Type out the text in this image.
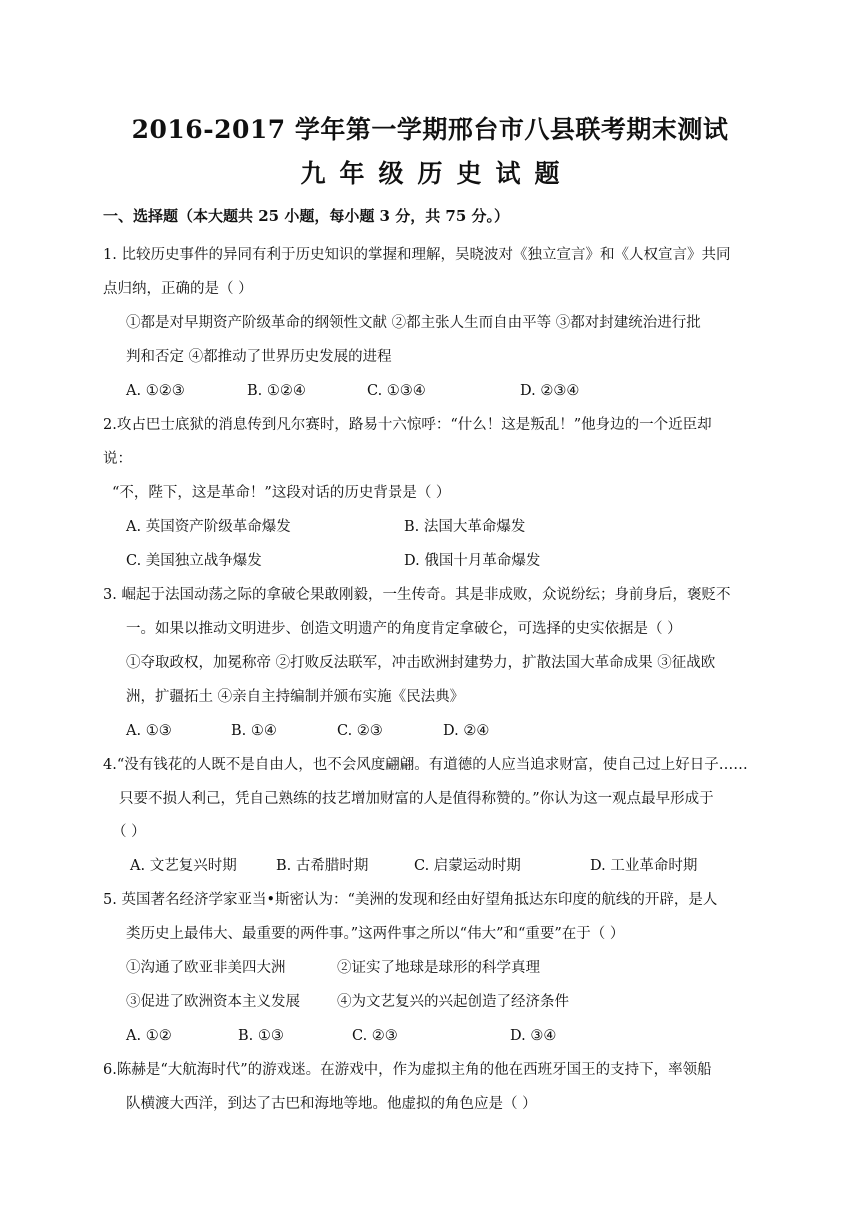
2016-2017 学年第一学期邢台市八县联考期末测试
九年级历史试题
一、选择题（本大题共 25 小题，每小题 3 分，共 75 分。）
1. 比较历史事件的异同有利于历史知识的掌握和理解，吴晓波对《独立宣言》和《人权宣言》共同
点归纳，正确的是（ ）
①都是对早期资产阶级革命的纲领性文献 ②都主张人生而自由平等 ③都对封建统治进行批
判和否定 ④都推动了世界历史发展的进程
A. ①②③	B. ①②④	C. ①③④	D. ②③④
2.攻占巴士底狱的消息传到凡尔赛时，路易十六惊呼：“什么！这是叛乱！”他身边的一个近臣却
说：
“不，陛下，这是革命！”这段对话的历史背景是（ ）
A. 英国资产阶级革命爆发	B. 法国大革命爆发
C. 美国独立战争爆发	D. 俄国十月革命爆发
3. 崛起于法国动荡之际的拿破仑果敢刚毅，一生传奇。其是非成败，众说纷纭；身前身后，褒贬不
一。如果以推动文明进步、创造文明遗产的角度肯定拿破仑，可选择的史实依据是（ ）
①夺取政权，加冕称帝 ②打败反法联军，冲击欧洲封建势力，扩散法国大革命成果 ③征战欧
洲，扩疆拓土 ④亲自主持编制并颁布实施《民法典》
A. ①③	B. ①④	C. ②③	D. ②④
4.“没有钱花的人既不是自由人，也不会风度翩翩。有道德的人应当追求财富，使自己过上好日子……
只要不损人利己，凭自己熟练的技艺增加财富的人是值得称赞的。”你认为这一观点最早形成于
（ ）
A. 文艺复兴时期	B. 古希腊时期	C. 启蒙运动时期	D. 工业革命时期
5. 英国著名经济学家亚当•斯密认为：“美洲的发现和经由好望角抵达东印度的航线的开辟，是人
类历史上最伟大、最重要的两件事。”这两件事之所以“伟大”和“重要”在于（ ）
①沟通了欧亚非美四大洲	②证实了地球是球形的科学真理
③促进了欧洲资本主义发展	④为文艺复兴的兴起创造了经济条件
A. ①②	B. ①③	C. ②③	D. ③④
6.陈赫是“大航海时代”的游戏迷。在游戏中，作为虚拟主角的他在西班牙国王的支持下，率领船
队横渡大西洋，到达了古巴和海地等地。他虚拟的角色应是（ ）
